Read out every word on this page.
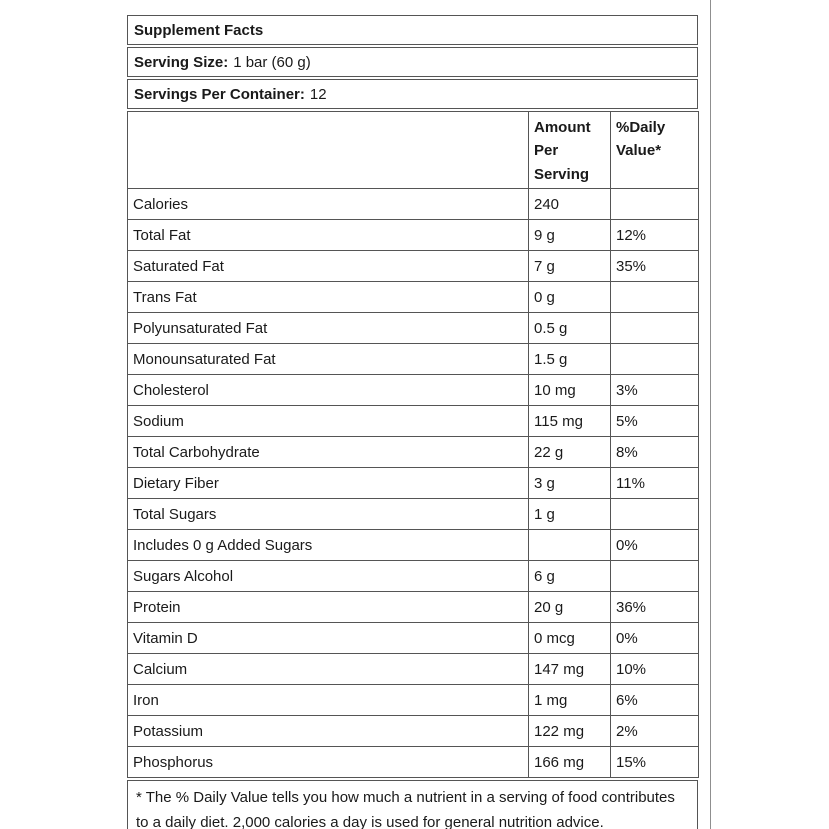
Supplement Facts
Serving Size: 1 bar (60 g)
Servings Per Container: 12
	Amount Per Serving	%Daily Value*
Calories	240	
Total Fat	9 g	12%
Saturated Fat	7 g	35%
Trans Fat	0 g	
Polyunsaturated Fat	0.5 g	
Monounsaturated Fat	1.5 g	
Cholesterol	10 mg	3%
Sodium	115 mg	5%
Total Carbohydrate	22 g	8%
Dietary Fiber	3 g	11%
Total Sugars	1 g	
Includes 0 g Added Sugars		0%
Sugars Alcohol	6 g	
Protein	20 g	36%
Vitamin D	0 mcg	0%
Calcium	147 mg	10%
Iron	1 mg	6%
Potassium	122 mg	2%
Phosphorus	166 mg	15%
* The % Daily Value tells you how much a nutrient in a serving of food contributes to a daily diet. 2,000 calories a day is used for general nutrition advice.
